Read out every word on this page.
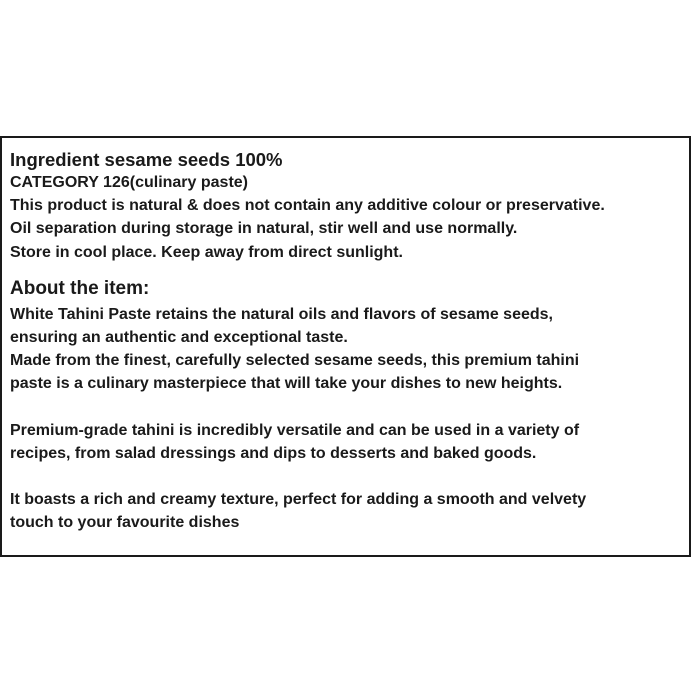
Ingredient sesame seeds 100%

CATEGORY 126(culinary paste)

This product is natural & does not contain any additive colour or preservative.

Oil separation during storage in natural, stir well and use normally.

Store in cool place. Keep away from direct sunlight.

About the item:

White Tahini Paste retains the natural oils and flavors of sesame seeds,

ensuring an authentic and exceptional taste.

Made from the finest, carefully selected sesame seeds, this premium tahini

paste is a culinary masterpiece that will take your dishes to new heights.

Premium-grade tahini is incredibly versatile and can be used in a variety of

recipes, from salad dressings and dips to desserts and baked goods.

It boasts a rich and creamy texture, perfect for adding a smooth and velvety

touch to your favourite dishes
